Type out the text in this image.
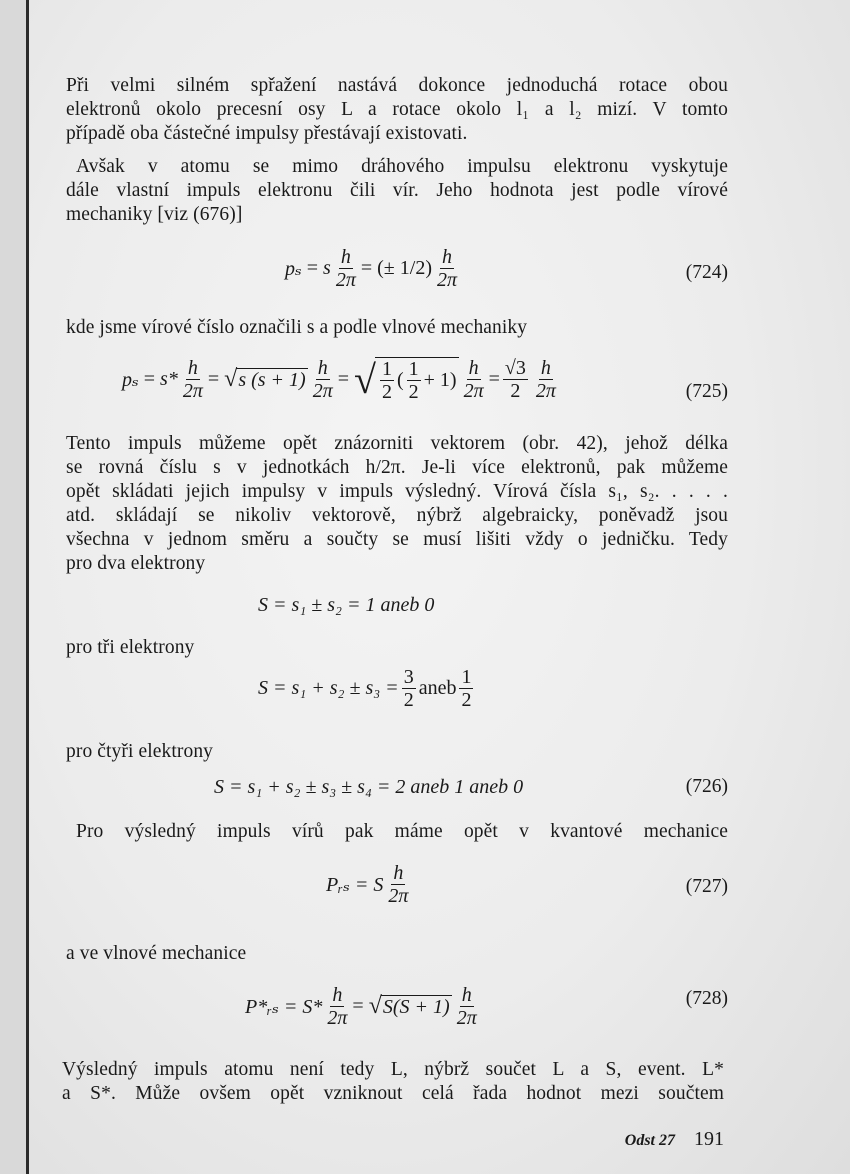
Při velmi silném spřažení nastává dokonce jednoduchá rotace obou
elektronů okolo precesní osy L a rotace okolo l₁ a l₂ mizí. V tomto
případě oba částečné impulsy přestávají existovati.
Avšak v atomu se mimo dráhového impulsu elektronu vyskytuje
dále vlastní impuls elektronu čili vír. Jeho hodnota jest podle vírové
mechaniky [viz (676)]
pₛ = s $\frac{h}{2\pi}$ = (± $1/2) \frac{h}{2\pi}$	(724)
kde jsme vírové číslo označili s a podle vlnové mechaniky
$p_s = s* \frac{h}{2\pi}$ = √ s $(s + 1) \frac{h}{2\pi}$ = √ $\frac{1}{2}$ ( $\frac{1}{2} + 1$ ) $\frac{h}{2\pi} = \frac{√3}{2} \frac{h}{2\pi}$	(725)
Tento impuls můžeme opět znázorniti vektorem (obr. 42), jehož délka
se rovná číslu s v jednotkách h/2π. Je-li více elektronů, pak můžeme
opět skládati jejich impulsy v impuls výsledný. Vírová čísla s₁, s₂. . . . .
atd. skládají se nikoliv vektorově, nýbrž algebraicky, poněvadž jsou
všechna v jednom směru a součty se musí lišiti vždy o jedničku. Tedy
pro dva elektrony
S = s₁ ± s₂ = 1 aneb 0
pro tři elektrony
$S = s_1 + s_2 \pm s_3 = \frac{3}{2}$ aneb $\frac{1}{2}$
pro čtyři elektrony
S = s₁ + s₂ ± s₃ ± s₄ = 2 aneb 1 aneb 0	(726)
Pro výsledný impuls vírů pak máme opět v kvantové mechanice
Pᵣₛ = S $\frac{h}{2\pi}$	(727)
a ve vlnové mechanice
P*ᵣₛ = $S* \frac{h}{2\pi}$ = √ $S(S + 1) \frac{h}{2\pi}$	(728)
Výsledný impuls atomu není tedy L, nýbrž součet L a S, event. L*
a S*. Může ovšem opět vzniknout celá řada hodnot mezi součtem
Odst 27 191
